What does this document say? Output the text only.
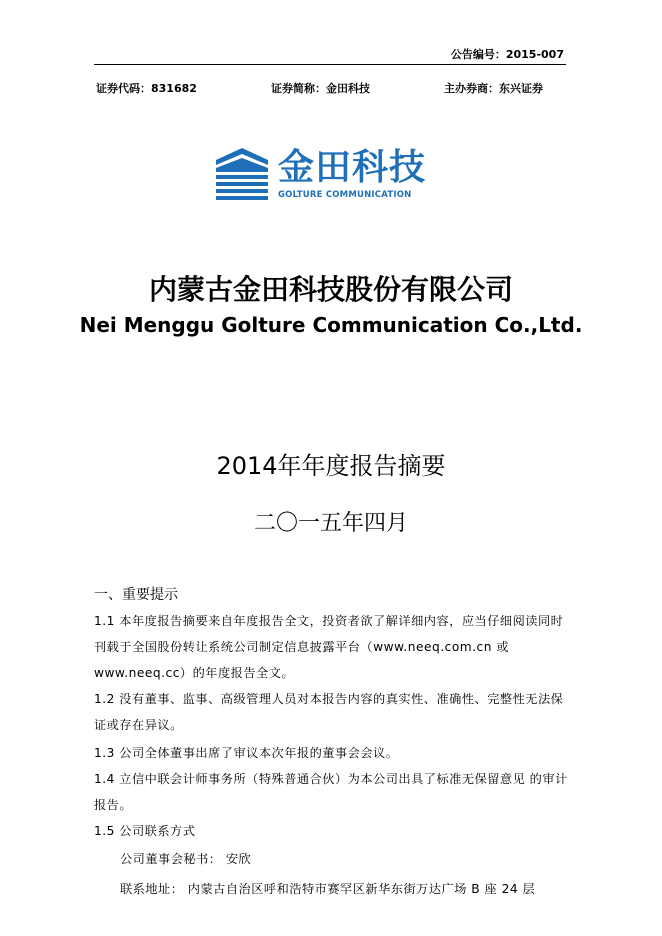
公告编号：2015-007
证券代码：831682	证券简称：金田科技	主办券商：东兴证券
金田科技
GOLTURE COMMUNICATION
内蒙古金田科技股份有限公司
Nei Menggu Golture Communication Co.,Ltd.
2014年年度报告摘要
二〇一五年四月
一、重要提示
1.1 本年度报告摘要来自年度报告全文，投资者欲了解详细内容，应当仔细阅读同时刊载于全国股份转让系统公司制定信息披露平台（www.neeq.com.cn 或 www.neeq.cc）的年度报告全文。
1.2 没有董事、监事、高级管理人员对本报告内容的真实性、准确性、完整性无法保证或存在异议。
1.3 公司全体董事出席了审议本次年报的董事会会议。
1.4 立信中联会计师事务所（特殊普通合伙）为本公司出具了标准无保留意见 的审计报告。
1.5 公司联系方式
公司董事会秘书： 安欣
联系地址： 内蒙古自治区呼和浩特市赛罕区新华东街万达广场 B 座 24 层
